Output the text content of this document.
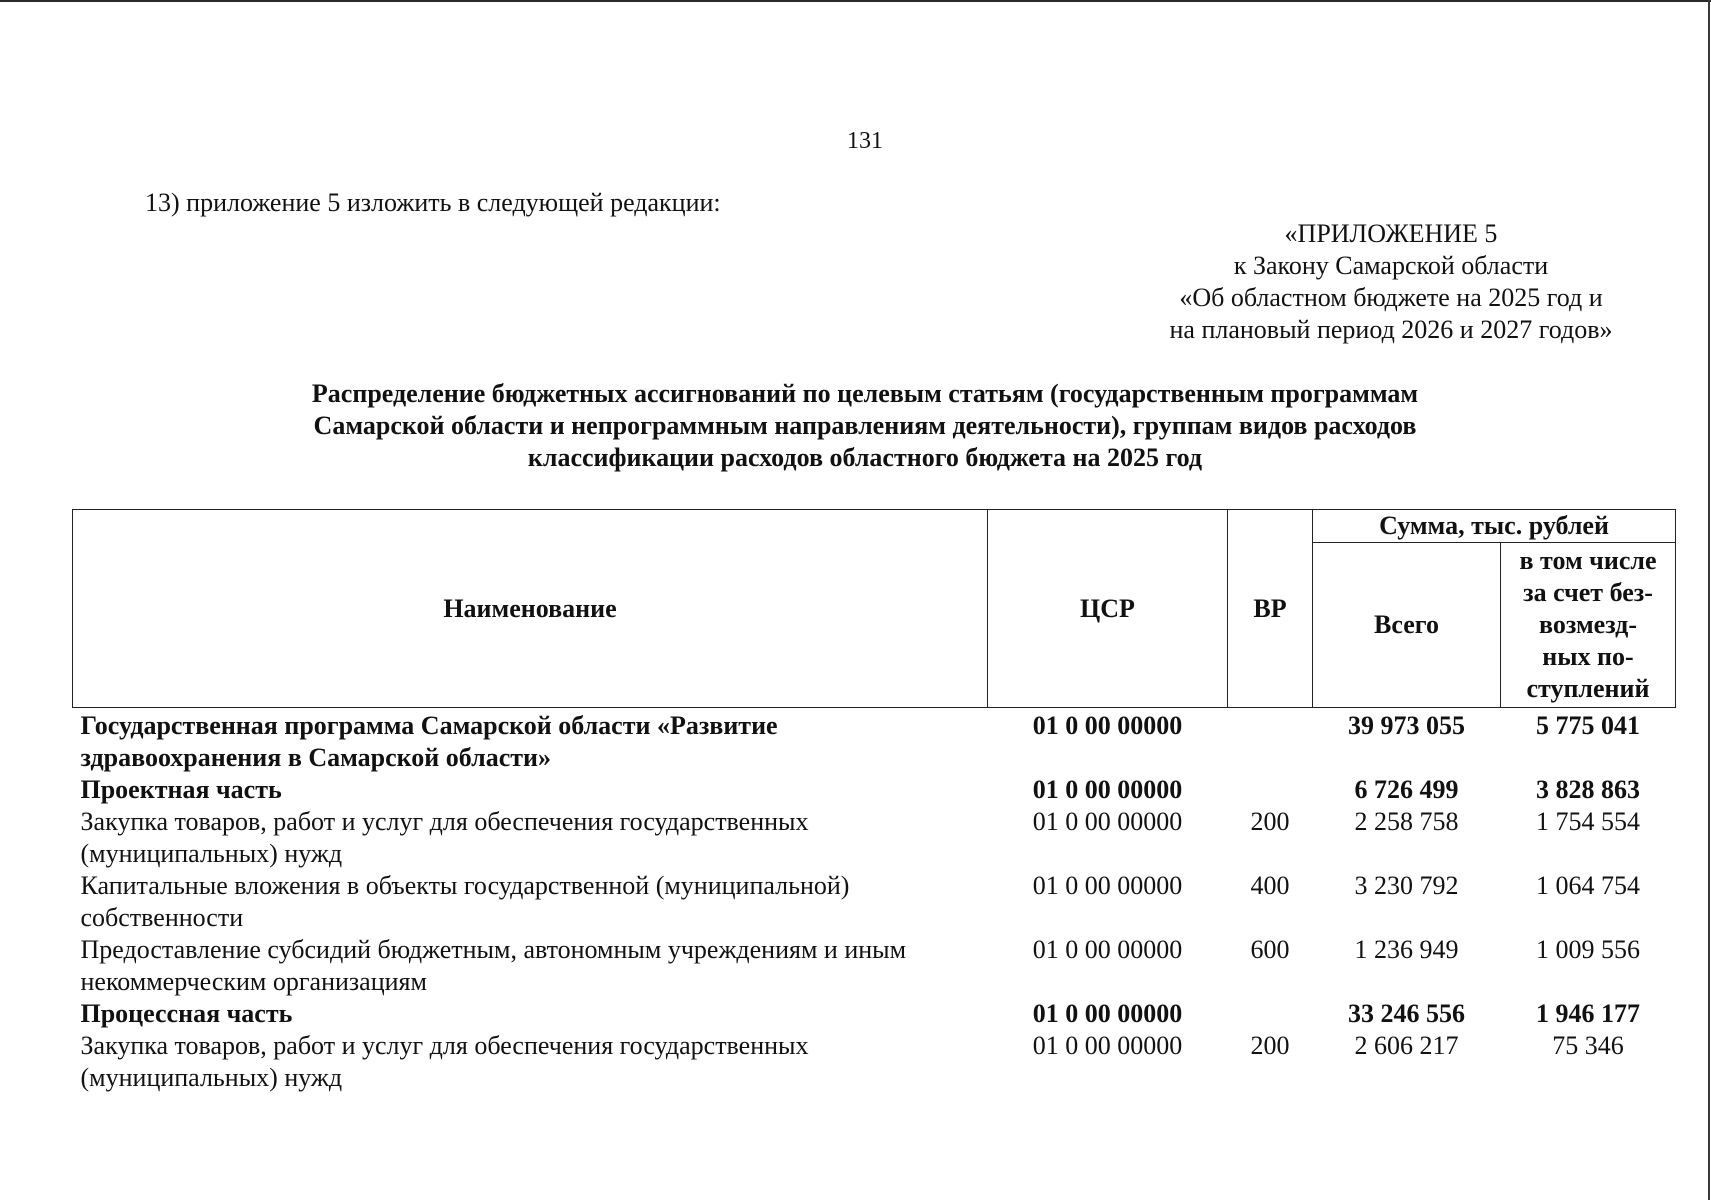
131
13) приложение 5 изложить в следующей редакции:
«ПРИЛОЖЕНИЕ 5
к Закону Самарской области
«Об областном бюджете на 2025 год и
на плановый период 2026 и 2027 годов»
Распределение бюджетных ассигнований по целевым статьям (государственным программам
Самарской области и непрограммным направлениям деятельности), группам видов расходов
классификации расходов областного бюджета на 2025 год
Наименование	ЦСР	ВР	Сумма, тыс. рублей	
			Всего	в том числе
за счет без-
возмезд-
ных по-
ступлений

Государственная программа Самарской области «Развитие здравоохранения в Самарской области»	01 0 00 00000		39 973 055	5 775 041
Проектная часть	01 0 00 00000		6 726 499	3 828 863
Закупка товаров, работ и услуг для обеспечения государственных (муниципальных) нужд	01 0 00 00000	200	2 258 758	1 754 554
Капитальные вложения в объекты государственной (муниципальной) собственности	01 0 00 00000	400	3 230 792	1 064 754
Предоставление субсидий бюджетным, автономным учреждениям и иным некоммерческим организациям	01 0 00 00000	600	1 236 949	1 009 556
Процессная часть	01 0 00 00000		33 246 556	1 946 177
Закупка товаров, работ и услуг для обеспечения государственных (муниципальных) нужд	01 0 00 00000	200	2 606 217	75 346
